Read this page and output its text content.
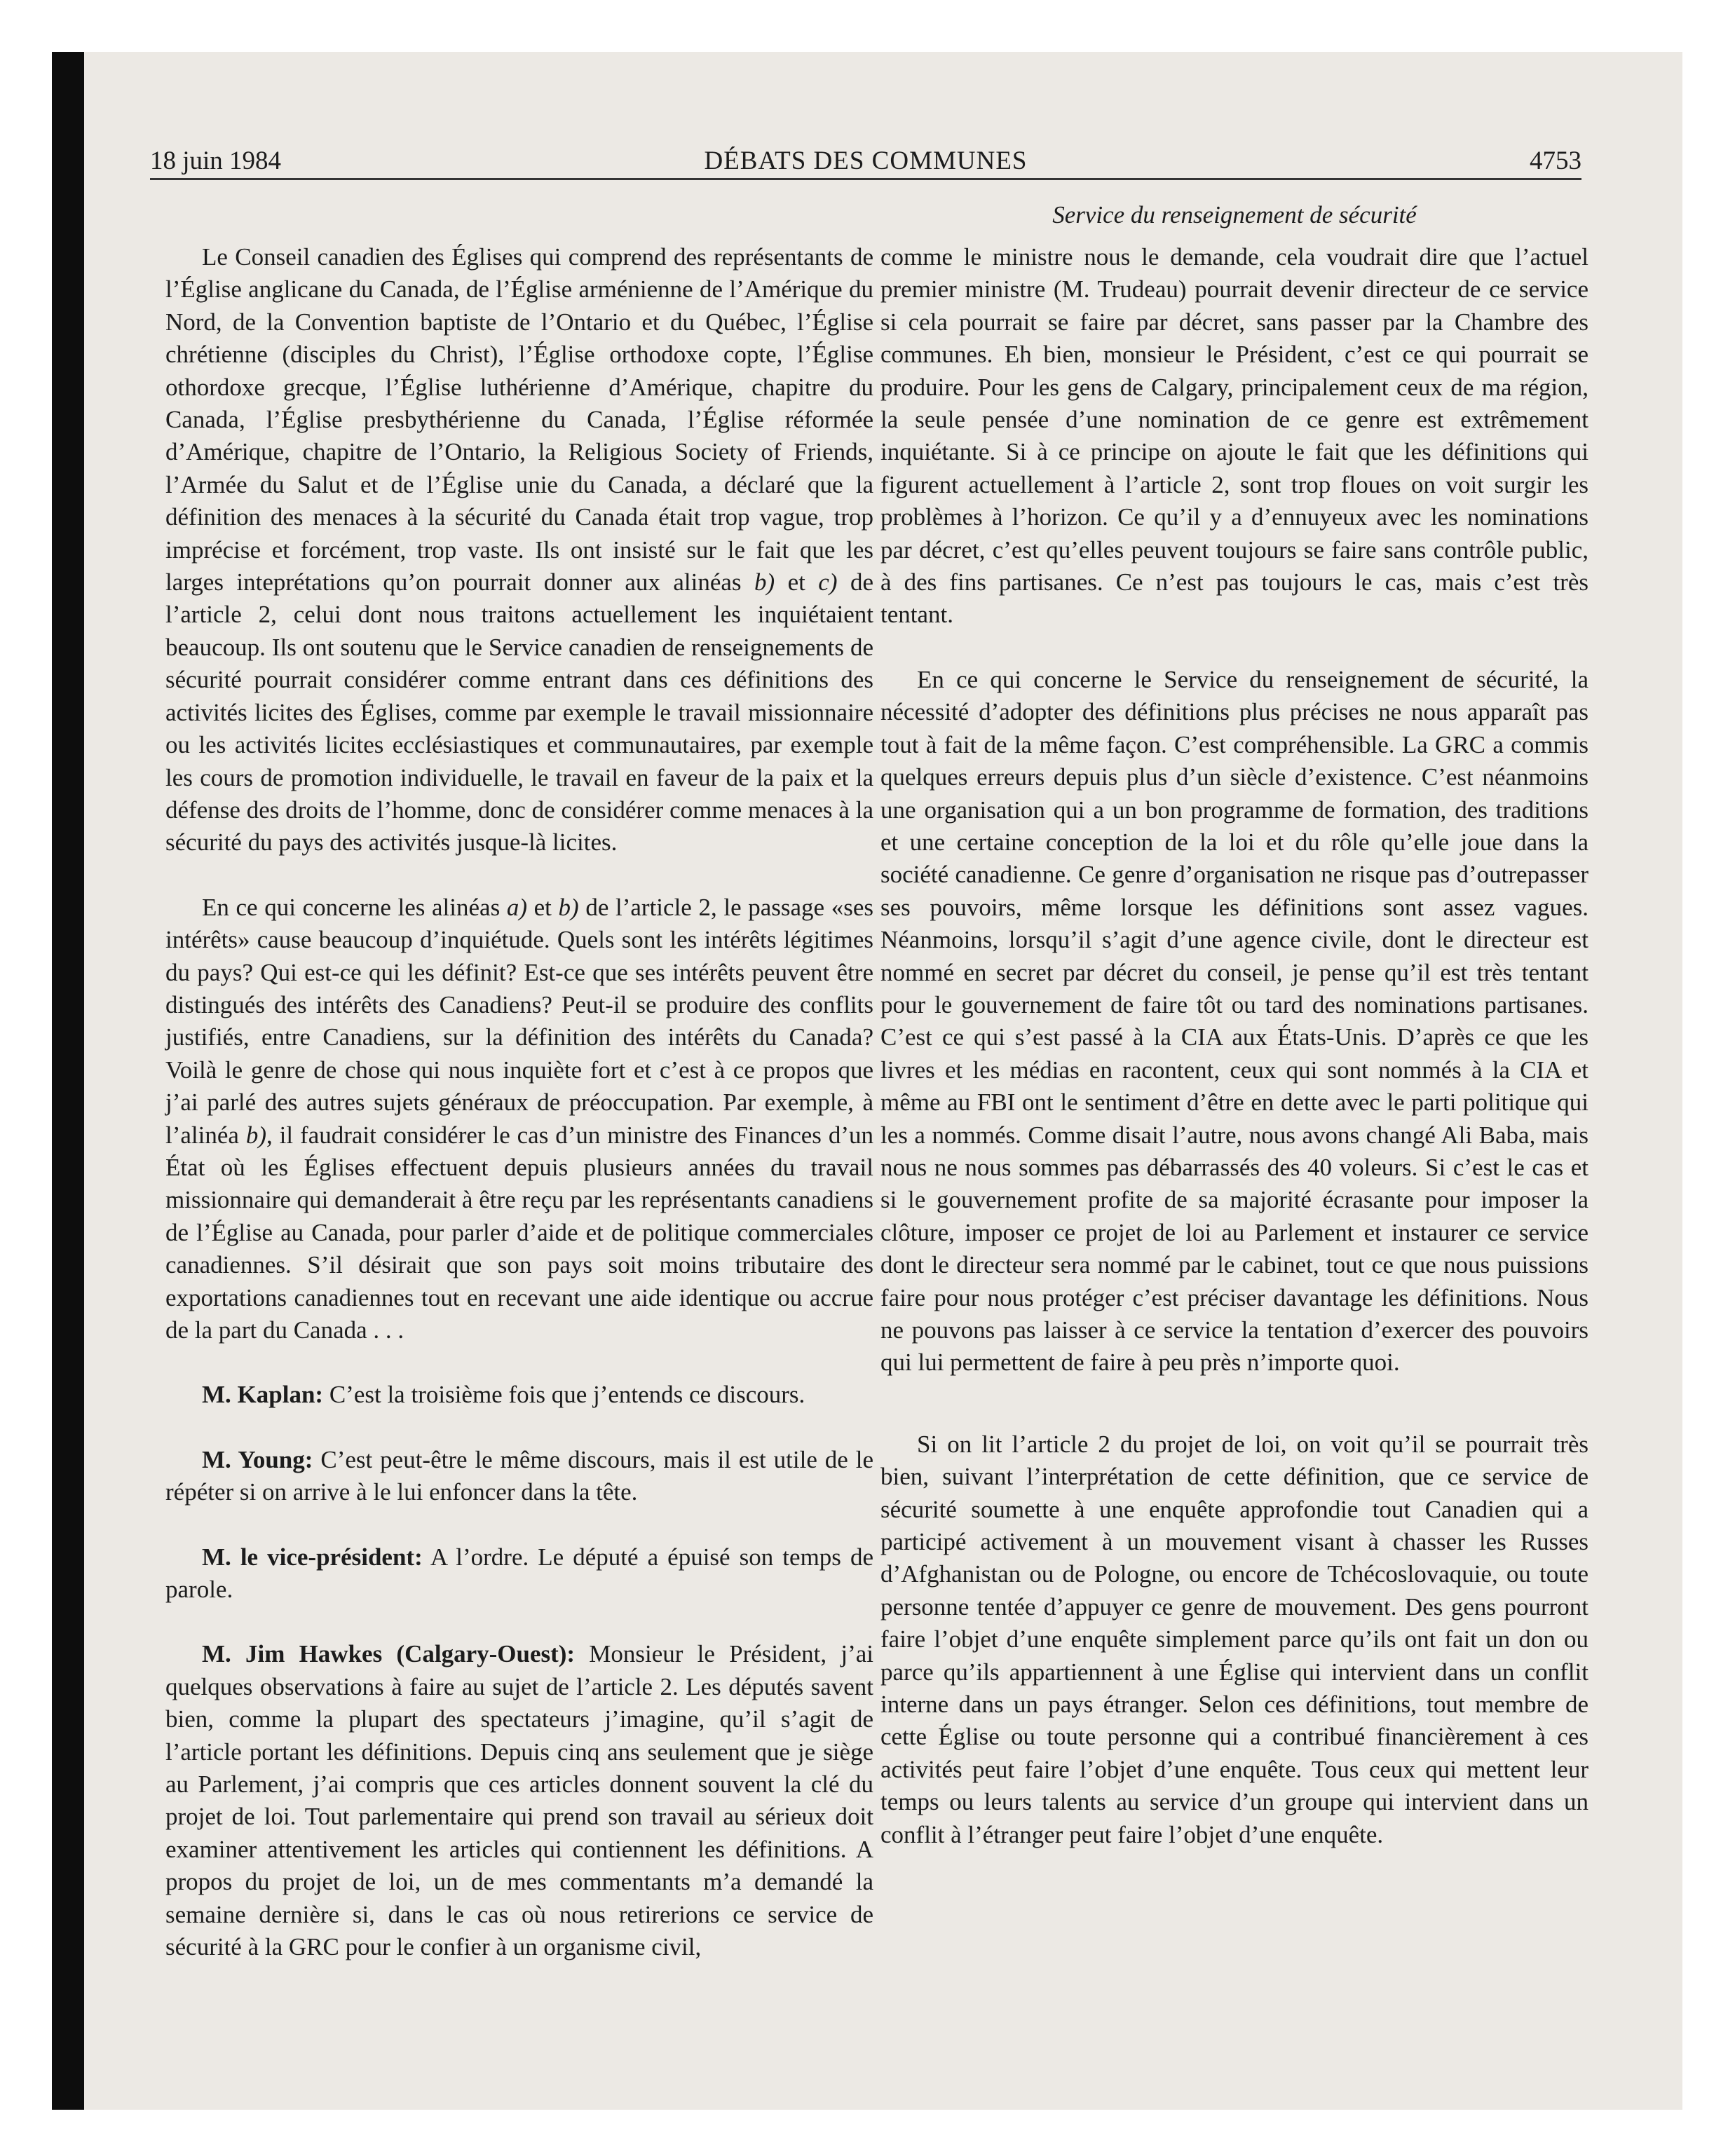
18 juin 1984	DÉBATS DES COMMUNES	4753
Service du renseignement de sécurité

Le Conseil canadien des Églises qui comprend des représentants de l’Église anglicane du Canada, de l’Église arménienne de l’Amérique du Nord, de la Convention baptiste de l’Ontario et du Québec, l’Église chrétienne (disciples du Christ), l’Église orthodoxe copte, l’Église othordoxe grecque, l’Église luthérienne d’Amérique, chapitre du Canada, l’Église presbythérienne du Canada, l’Église réformée d’Amérique, chapitre de l’Ontario, la Religious Society of Friends, l’Armée du Salut et de l’Église unie du Canada, a déclaré que la définition des menaces à la sécurité du Canada était trop vague, trop imprécise et forcément, trop vaste. Ils ont insisté sur le fait que les larges inteprétations qu’on pourrait donner aux alinéas b) et c) de l’article 2, celui dont nous traitons actuellement les inquiétaient beaucoup. Ils ont soutenu que le Service canadien de renseignements de sécurité pourrait considérer comme entrant dans ces définitions des activités licites des Églises, comme par exemple le travail missionnaire ou les activités licites ecclésiastiques et communautaires, par exemple les cours de promotion individuelle, le travail en faveur de la paix et la défense des droits de l’homme, donc de considérer comme menaces à la sécurité du pays des activités jusque-là licites.

En ce qui concerne les alinéas a) et b) de l’article 2, le passage «ses intérêts» cause beaucoup d’inquiétude. Quels sont les intérêts légitimes du pays? Qui est-ce qui les définit? Est-ce que ses intérêts peuvent être distingués des intérêts des Canadiens? Peut-il se produire des conflits justifiés, entre Canadiens, sur la définition des intérêts du Canada? Voilà le genre de chose qui nous inquiète fort et c’est à ce propos que j’ai parlé des autres sujets généraux de préoccupation. Par exemple, à l’alinéa b), il faudrait considérer le cas d’un ministre des Finances d’un État où les Églises effectuent depuis plusieurs années du travail missionnaire qui demanderait à être reçu par les représentants canadiens de l’Église au Canada, pour parler d’aide et de politique commerciales canadiennes. S’il désirait que son pays soit moins tributaire des exportations canadiennes tout en recevant une aide identique ou accrue de la part du Canada . . .

M. Kaplan: C’est la troisième fois que j’entends ce discours.

M. Young: C’est peut-être le même discours, mais il est utile de le répéter si on arrive à le lui enfoncer dans la tête.

M. le vice-président: A l’ordre. Le député a épuisé son temps de parole.

M. Jim Hawkes (Calgary-Ouest): Monsieur le Président, j’ai quelques observations à faire au sujet de l’article 2. Les députés savent bien, comme la plupart des spectateurs j’imagine, qu’il s’agit de l’article portant les définitions. Depuis cinq ans seulement que je siège au Parlement, j’ai compris que ces articles donnent souvent la clé du projet de loi. Tout parlementaire qui prend son travail au sérieux doit examiner attentivement les articles qui contiennent les définitions. A propos du projet de loi, un de mes commentants m’a demandé la semaine dernière si, dans le cas où nous retirerions ce service de sécurité à la GRC pour le confier à un organisme civil,

comme le ministre nous le demande, cela voudrait dire que l’actuel premier ministre (M. Trudeau) pourrait devenir directeur de ce service si cela pourrait se faire par décret, sans passer par la Chambre des communes. Eh bien, monsieur le Président, c’est ce qui pourrait se produire. Pour les gens de Calgary, principalement ceux de ma région, la seule pensée d’une nomination de ce genre est extrêmement inquiétante. Si à ce principe on ajoute le fait que les définitions qui figurent actuellement à l’article 2, sont trop floues on voit surgir les problèmes à l’horizon. Ce qu’il y a d’ennuyeux avec les nominations par décret, c’est qu’elles peuvent toujours se faire sans contrôle public, à des fins partisanes. Ce n’est pas toujours le cas, mais c’est très tentant.

En ce qui concerne le Service du renseignement de sécurité, la nécessité d’adopter des définitions plus précises ne nous apparaît pas tout à fait de la même façon. C’est compréhensible. La GRC a commis quelques erreurs depuis plus d’un siècle d’existence. C’est néanmoins une organisation qui a un bon programme de formation, des traditions et une certaine conception de la loi et du rôle qu’elle joue dans la société canadienne. Ce genre d’organisation ne risque pas d’outrepasser ses pouvoirs, même lorsque les définitions sont assez vagues. Néanmoins, lorsqu’il s’agit d’une agence civile, dont le directeur est nommé en secret par décret du conseil, je pense qu’il est très tentant pour le gouvernement de faire tôt ou tard des nominations partisanes. C’est ce qui s’est passé à la CIA aux États-Unis. D’après ce que les livres et les médias en racontent, ceux qui sont nommés à la CIA et même au FBI ont le sentiment d’être en dette avec le parti politique qui les a nommés. Comme disait l’autre, nous avons changé Ali Baba, mais nous ne nous sommes pas débarrassés des 40 voleurs. Si c’est le cas et si le gouvernement profite de sa majorité écrasante pour imposer la clôture, imposer ce projet de loi au Parlement et instaurer ce service dont le directeur sera nommé par le cabinet, tout ce que nous puissions faire pour nous protéger c’est préciser davantage les définitions. Nous ne pouvons pas laisser à ce service la tentation d’exercer des pouvoirs qui lui permettent de faire à peu près n’importe quoi.

Si on lit l’article 2 du projet de loi, on voit qu’il se pourrait très bien, suivant l’interprétation de cette définition, que ce service de sécurité soumette à une enquête approfondie tout Canadien qui a participé activement à un mouvement visant à chasser les Russes d’Afghanistan ou de Pologne, ou encore de Tchécoslovaquie, ou toute personne tentée d’appuyer ce genre de mouvement. Des gens pourront faire l’objet d’une enquête simplement parce qu’ils ont fait un don ou parce qu’ils appartiennent à une Église qui intervient dans un conflit interne dans un pays étranger. Selon ces définitions, tout membre de cette Église ou toute personne qui a contribué financièrement à ces activités peut faire l’objet d’une enquête. Tous ceux qui mettent leur temps ou leurs talents au service d’un groupe qui intervient dans un conflit à l’étranger peut faire l’objet d’une enquête.
